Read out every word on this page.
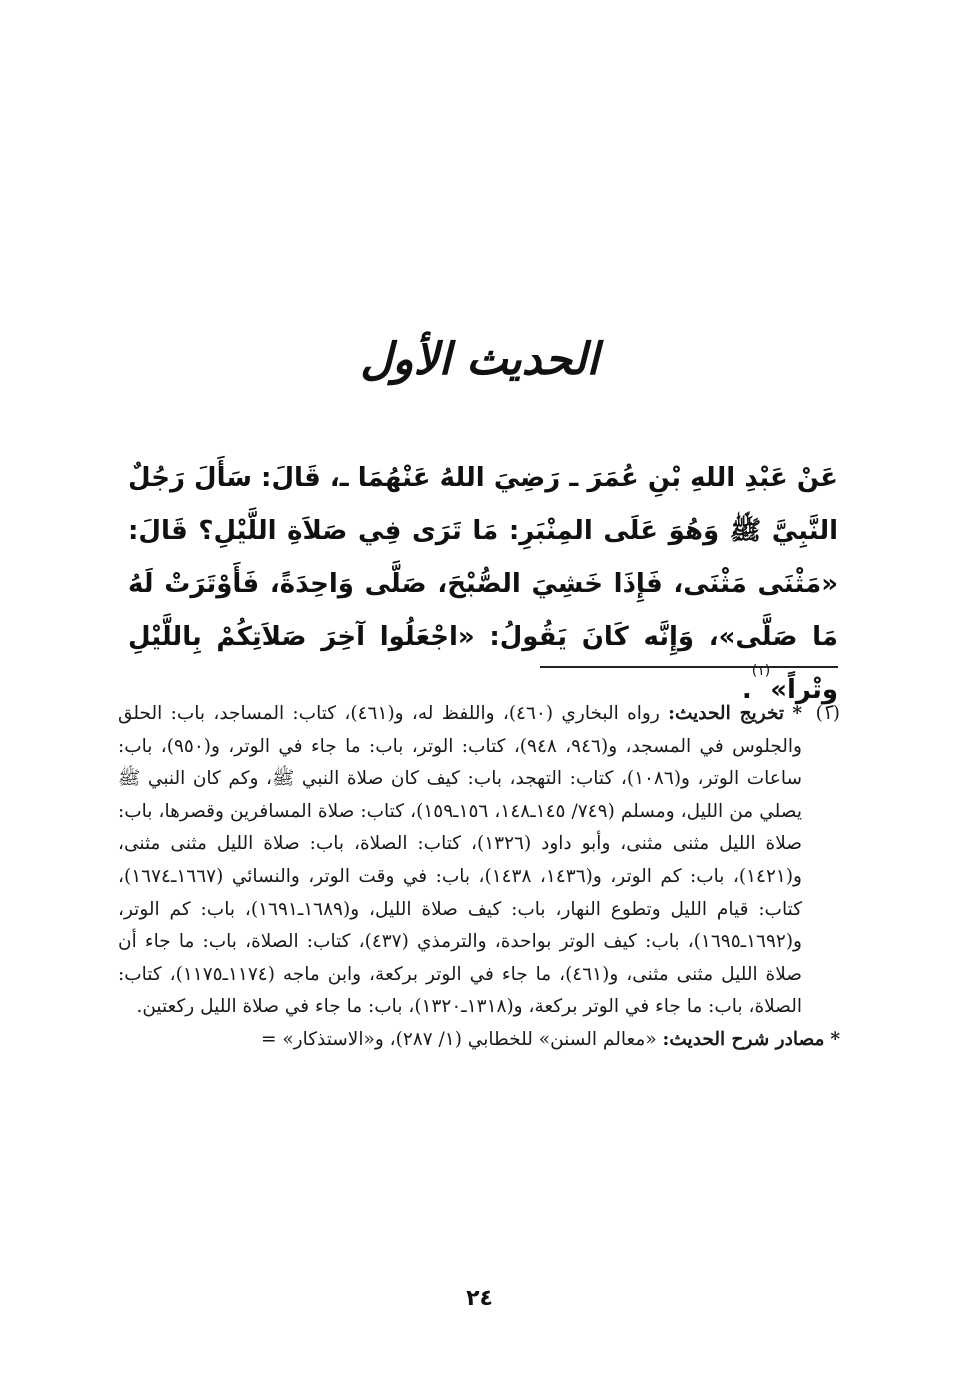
الحديث الأول
عَنْ عَبْدِ اللهِ بْنِ عُمَرَ ـ رَضِيَ اللهُ عَنْهُمَا ـ، قَالَ: سَأَلَ رَجُلٌ النَّبِيَّ ﷺ وَهُوَ عَلَى المِنْبَرِ: مَا تَرَى فِي صَلاَةِ اللَّيْلِ؟ قَالَ: «مَثْنَى مَثْنَى، فَإِذَا خَشِيَ الصُّبْحَ، صَلَّى وَاحِدَةً، فَأَوْتَرَتْ لَهُ مَا صَلَّى»، وَإِنَّه كَانَ يَقُولُ: «اجْعَلُوا آخِرَ صَلاَتِكُمْ بِاللَّيْلِ وِتْراً»$^{(١)}$.
(١)
* تخريج الحديث: رواه البخاري (٤٦٠)، واللفظ له، و(٤٦١)، كتاب: المساجد، باب: الحلق والجلوس في المسجد، و(٩٤٦، ٩٤٨)، كتاب: الوتر، باب: ما جاء في الوتر، و(٩٥٠)، باب: ساعات الوتر، و(١٠٨٦)، كتاب: التهجد، باب: كيف كان صلاة النبي ﷺ، وكم كان النبي ﷺ يصلي من الليل، ومسلم (٧٤٩/ ١٤٥ـ١٤٨، ١٥٦ـ١٥٩)، كتاب: صلاة المسافرين وقصرها، باب: صلاة الليل مثنى مثنى، وأبو داود (١٣٢٦)، كتاب: الصلاة، باب: صلاة الليل مثنى مثنى، و(١٤٢١)، باب: كم الوتر، و(١٤٣٦، ١٤٣٨)، باب: في وقت الوتر، والنسائي (١٦٦٧ـ١٦٧٤)، كتاب: قيام الليل وتطوع النهار، باب: كيف صلاة الليل، و(١٦٨٩ـ١٦٩١)، باب: كم الوتر، و(١٦٩٢ـ١٦٩٥)، باب: كيف الوتر بواحدة، والترمذي (٤٣٧)، كتاب: الصلاة، باب: ما جاء أن صلاة الليل مثنى مثنى، و(٤٦١)، ما جاء في الوتر بركعة، وابن ماجه (١١٧٤ـ١١٧٥)، كتاب: الصلاة، باب: ما جاء في الوتر بركعة، و(١٣١٨ـ١٣٢٠)، باب: ما جاء في صلاة الليل ركعتين.
* مصادر شرح الحديث: «معالم السنن» للخطابي (١/ ٢٨٧)، و«الاستذكار» =
٢٤
